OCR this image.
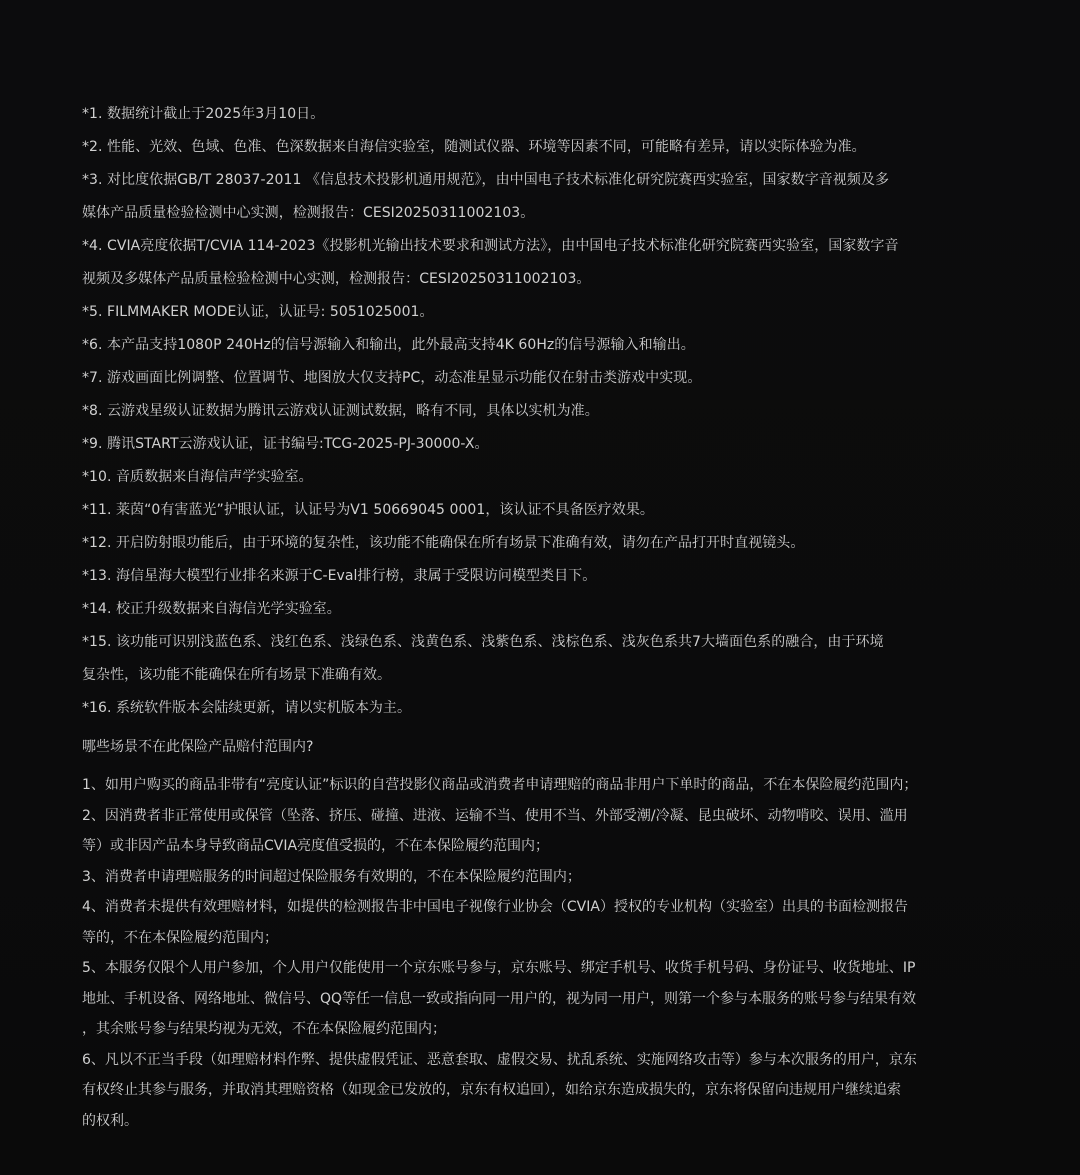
*1. 数据统计截止于2025年3月10日。
*2. 性能、光效、色域、色准、色深数据来自海信实验室，随测试仪器、环境等因素不同，可能略有差异，请以实际体验为准。
*3. 对比度依据GB/T 28037-2011 《信息技术投影机通用规范》，由中国电子技术标准化研究院赛西实验室，国家数字音视频及多
媒体产品质量检验检测中心实测，检测报告：CESI20250311002103。
*4. CVIA亮度依据T/CVIA 114-2023《投影机光输出技术要求和测试方法》，由中国电子技术标准化研究院赛西实验室，国家数字音
视频及多媒体产品质量检验检测中心实测，检测报告：CESI20250311002103。
*5. FILMMAKER MODE认证，认证号: 5051025001。
*6. 本产品支持1080P 240Hz的信号源输入和输出，此外最高支持4K 60Hz的信号源输入和输出。
*7. 游戏画面比例调整、位置调节、地图放大仅支持PC，动态准星显示功能仅在射击类游戏中实现。
*8. 云游戏星级认证数据为腾讯云游戏认证测试数据，略有不同，具体以实机为准。
*9. 腾讯START云游戏认证，证书编号:TCG-2025-PJ-30000-X。
*10. 音质数据来自海信声学实验室。
*11. 莱茵“0有害蓝光”护眼认证，认证号为V1 50669045 0001，该认证不具备医疗效果。
*12. 开启防射眼功能后，由于环境的复杂性，该功能不能确保在所有场景下准确有效，请勿在产品打开时直视镜头。
*13. 海信星海大模型行业排名来源于C-Eval排行榜，隶属于受限访问模型类目下。
*14. 校正升级数据来自海信光学实验室。
*15. 该功能可识别浅蓝色系、浅红色系、浅绿色系、浅黄色系、浅紫色系、浅棕色系、浅灰色系共7大墙面色系的融合，由于环境
复杂性，该功能不能确保在所有场景下准确有效。
*16. 系统软件版本会陆续更新，请以实机版本为主。
哪些场景不在此保险产品赔付范围内?
1、如用户购买的商品非带有“亮度认证”标识的自营投影仪商品或消费者申请理赔的商品非用户下单时的商品，不在本保险履约范围内；
2、因消费者非正常使用或保管（坠落、挤压、碰撞、进液、运输不当、使用不当、外部受潮/冷凝、昆虫破坏、动物啃咬、误用、滥用
等）或非因产品本身导致商品CVIA亮度值受损的，不在本保险履约范围内；
3、消费者申请理赔服务的时间超过保险服务有效期的，不在本保险履约范围内；
4、消费者未提供有效理赔材料，如提供的检测报告非中国电子视像行业协会（CVIA）授权的专业机构（实验室）出具的书面检测报告
等的，不在本保险履约范围内；
5、本服务仅限个人用户参加，个人用户仅能使用一个京东账号参与，京东账号、绑定手机号、收货手机号码、身份证号、收货地址、IP
地址、手机设备、网络地址、微信号、QQ等任一信息一致或指向同一用户的，视为同一用户，则第一个参与本服务的账号参与结果有效
，其余账号参与结果均视为无效，不在本保险履约范围内；
6、凡以不正当手段（如理赔材料作弊、提供虚假凭证、恶意套取、虚假交易、扰乱系统、实施网络攻击等）参与本次服务的用户，京东
有权终止其参与服务，并取消其理赔资格（如现金已发放的，京东有权追回），如给京东造成损失的，京东将保留向违规用户继续追索
的权利。
